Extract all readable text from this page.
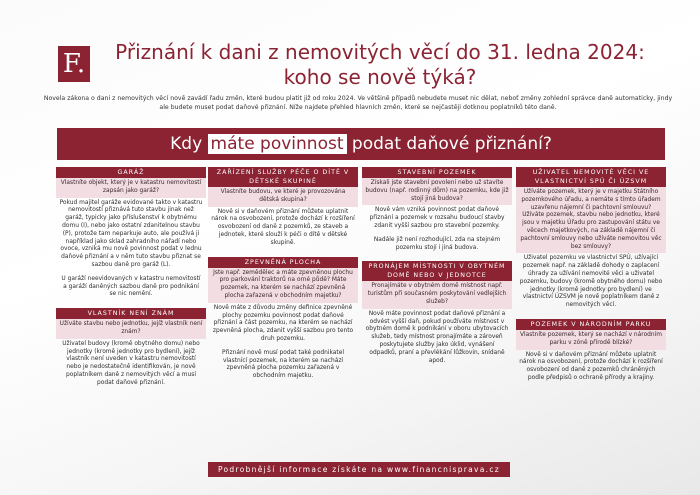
F.	Přiznání k dani z nemovitých věcí do 31. ledna 2024:
koho se nově týká?

Novela zákona o dani z nemovitých věcí nově zavádí řadu změn, které budou platit již od roku 2024. Ve většině případů nebudete muset nic dělat, neboť změny zohlední správce daně automaticky, jindy ale budete muset podat daňové přiznání. Níže najdete přehled hlavních změn, které se nejčastěji dotknou poplatníků této daně.

Kdy máte povinnost podat daňové přiznání?
GARÁŽ
Vlastníte objekt, který je v katastru nemovitostí zapsán jako garáž?

Pokud majitel garáže evidované takto v katastru nemovitostí přiznává tuto stavbu jinak než garáž, typicky jako příslušenství k obytnému domu (I), nebo jako ostatní zdanitelnou stavbu (P), protože tam neparkuje auto, ale používá ji například jako sklad zahradního nářadí nebo ovoce, vzniká mu nově povinnost podat v lednu daňové přiznání a v něm tuto stavbu přiznat se sazbou daně pro garáž (L).

U garáží neevidovaných v katastru nemovitostí a garáží daněných sazbou daně pro podnikání se nic nemění.

VLASTNÍK NENÍ ZNÁM
Užíváte stavbu nebo jednotku, jejíž vlastník není znám?

Uživatel budovy (kromě obytného domu) nebo jednotky (kromě jednotky pro bydlení), jejíž vlastník není uveden v katastru nemovitostí nebo je nedostatečně identifikován, je nově poplatníkem daně z nemovitých věcí a musí podat daňové přiznání.

ZAŘÍZENÍ SLUŽBY PÉČE O DÍTĚ V DĚTSKÉ SKUPINĚ
Vlastníte budovu, ve které je provozována dětská skupina?

Nově si v daňovém přiznání můžete uplatnit nárok na osvobození, protože dochází k rozšíření osvobození od daně z pozemků, ze staveb a jednotek, které slouží k péči o dítě v dětské skupině.

ZPEVNĚNÁ PLOCHA
Jste např. zemědělec a máte zpevněnou plochu pro parkování traktorů na orné půdě? Máte pozemek, na kterém se nachází zpevněná plocha zařazená v obchodním majetku?

Nově máte z důvodu změny definice zpevněné plochy pozemku povinnost podat daňové přiznání a část pozemku, na kterém se nachází zpevněná plocha, zdanit vyšší sazbou pro tento druh pozemku.

Přiznání nově musí podat také podnikatel vlastnící pozemek, na kterém se nachází zpevněná plocha pozemku zařazená v obchodním majetku.

STAVEBNÍ POZEMEK
Získali jste stavební povolení nebo už stavíte budovu (např. rodinný dům) na pozemku, kde již stojí jiná budova?

Nově vám vzniká povinnost podat daňové přiznání a pozemek v rozsahu budoucí stavby zdanit vyšší sazbou pro stavební pozemky.

Nadále již není rozhodující, zda na stejném pozemku stojí i jiná budova.

PRONÁJEM MÍSTNOSTI V OBYTNÉM DOMĚ NEBO V JEDNOTCE
Pronajímáte v obytném domě místnost např. turistům při současném poskytování vedlejších služeb?

Nově máte povinnost podat daňové přiznání a odvést vyšší daň, pokud používáte místnost v obytném domě k podnikání v oboru ubytovacích služeb, tedy místnost pronajímáte a zároveň poskytujete služby jako úklid, vynášení odpadků, praní a převlékání lůžkovin, snídaně apod.

UŽIVATEL NEMOVITÉ VĚCI VE VLASTNICTVÍ SPÚ ČI ÚZSVM
Užíváte pozemek, který je v majetku Státního pozemkového úřadu, a nemáte s tímto úřadem uzavřenu nájemní či pachtovní smlouvu? Užíváte pozemek, stavbu nebo jednotku, které jsou v majetku Úřadu pro zastupování státu ve věcech majetkových, na základě nájemní či pachtovní smlouvy nebo užíváte nemovitou věc bez smlouvy?

Uživatel pozemku ve vlastnictví SPÚ, užívající pozemek např. na základě dohody o zaplacení úhrady za užívání nemovité věci a uživatel pozemku, budovy (kromě obytného domu) nebo jednotky (kromě jednotky pro bydlení) ve vlastnictví ÚZSVM je nově poplatníkem daně z nemovitých věcí.

POZEMEK V NÁRODNÍM PARKU
Vlastníte pozemek, který se nachází v národním parku v zóně přírodě blízké?

Nově si v daňovém přiznání můžete uplatnit nárok na osvobození, protože dochází k rozšíření osvobození od daně z pozemků chráněných podle předpisů o ochraně přírody a krajiny.

Podrobnější informace získáte na www.financnisprava.cz
